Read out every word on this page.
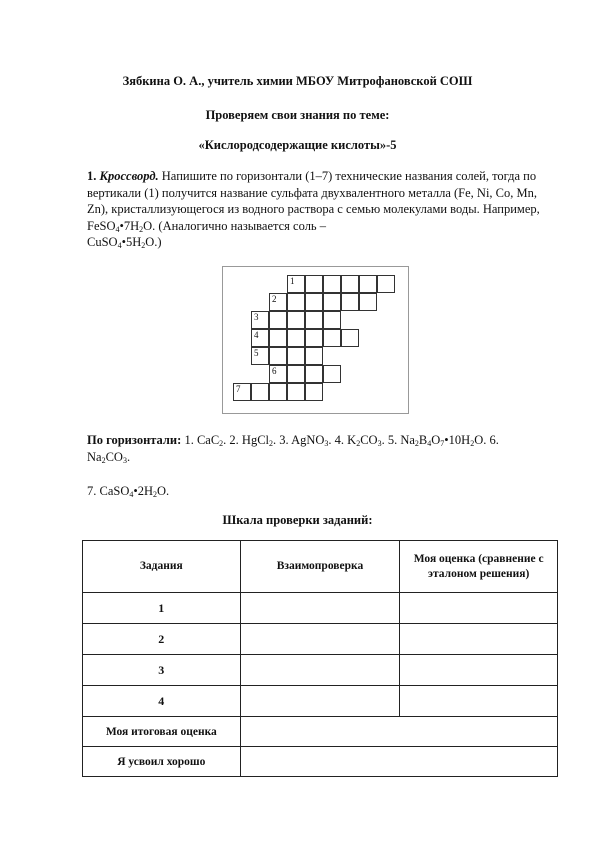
Зябкина О. А., учитель химии МБОУ Митрофановской СОШ
Проверяем свои знания по теме:
«Кислородсодержащие кислоты»-5
1. Кроссворд. Напишите по горизонтали (1–7) технические названия солей, тогда по вертикали (1) получится название сульфата двухвалентного металла (Fe, Ni, Co, Mn, Zn), кристаллизующегося из водного раствора с семью молекулами воды. Например, $FeSO_4•7H_2O$. (Аналогично называется соль –
$CuSO_4•5H_2O$.)
1
2
3
4
5
6
7
По горизонтали: 1. CaC$_2$. 2. HgCl$_2$. 3. AgNO$_3$. 4. $K_2CO_3$. 5. $Na_2B_4O_7•10H_2O$. 6. $Na_2CO_3$.
7. $CaSO_4•2H_2O$.
Шкала проверки заданий:
Задания	Взаимопроверка	Моя оценка (сравнение с эталоном решения)
1		
2		
3		
4		
Моя итоговая оценка		
Я усвоил хорошо		
